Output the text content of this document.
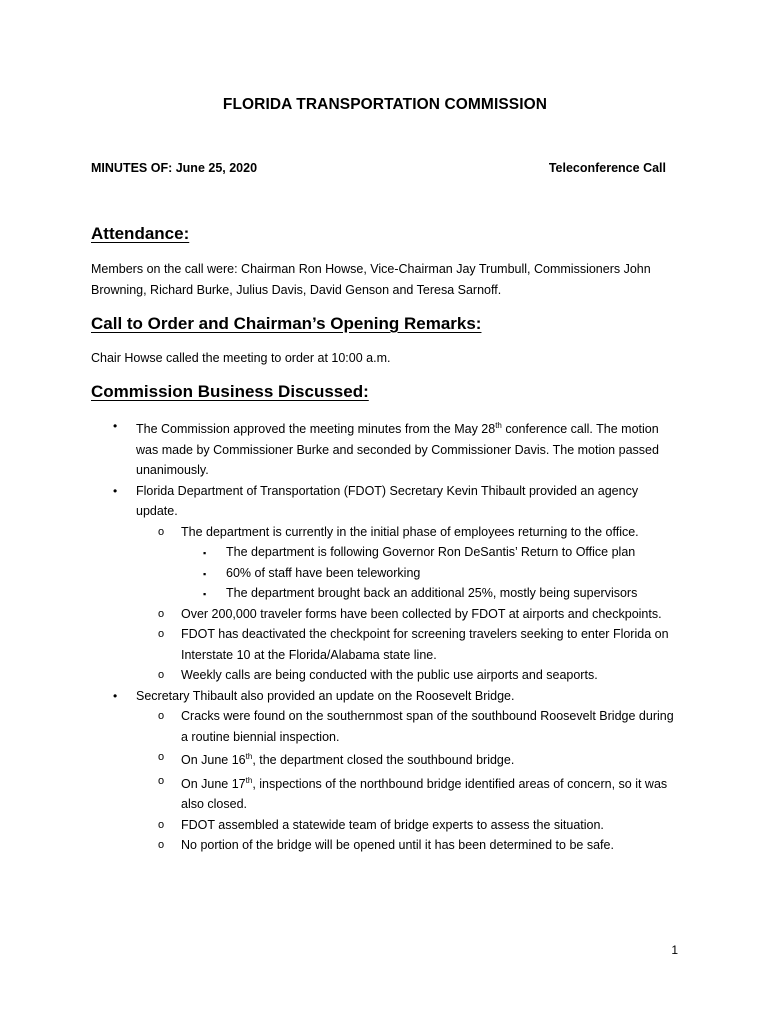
FLORIDA TRANSPORTATION COMMISSION
MINUTES OF: June 25, 2020	Teleconference Call
Attendance:
Members on the call were: Chairman Ron Howse, Vice-Chairman Jay Trumbull, Commissioners John Browning, Richard Burke, Julius Davis, David Genson and Teresa Sarnoff.
Call to Order and Chairman’s Opening Remarks:
Chair Howse called the meeting to order at 10:00 a.m.
Commission Business Discussed:
• The Commission approved the meeting minutes from the May 28th conference call. The motion was made by Commissioner Burke and seconded by Commissioner Davis. The motion passed unanimously.
• Florida Department of Transportation (FDOT) Secretary Kevin Thibault provided an agency update.
o The department is currently in the initial phase of employees returning to the office.
▪ The department is following Governor Ron DeSantis’ Return to Office plan
▪ 60% of staff have been teleworking
▪ The department brought back an additional 25%, mostly being supervisors
o Over 200,000 traveler forms have been collected by FDOT at airports and checkpoints.
o FDOT has deactivated the checkpoint for screening travelers seeking to enter Florida on Interstate 10 at the Florida/Alabama state line.
o Weekly calls are being conducted with the public use airports and seaports.
• Secretary Thibault also provided an update on the Roosevelt Bridge.
o Cracks were found on the southernmost span of the southbound Roosevelt Bridge during a routine biennial inspection.
o On June 16th, the department closed the southbound bridge.
o On June 17th, inspections of the northbound bridge identified areas of concern, so it was also closed.
o FDOT assembled a statewide team of bridge experts to assess the situation.
o No portion of the bridge will be opened until it has been determined to be safe.
1
